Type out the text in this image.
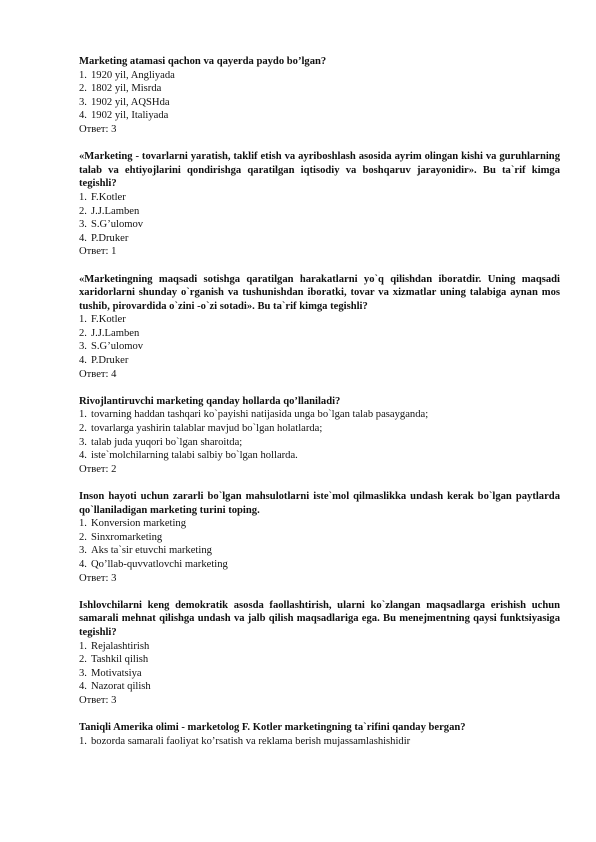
Marketing atamasi qachon va qayerda paydo bo’lgan?

1. 1920 yil, Angliyada
2. 1802 yil, Misrda
3. 1902 yil, AQSHda
4. 1902 yil, Italiyada

Ответ: 3

«Marketing - tovarlarni yaratish, taklif etish va ayriboshlash asosida ayrim olingan kishi va guruhlarning talab va ehtiyojlarini qondirishga qaratilgan iqtisodiy va boshqaruv jarayonidir». Bu ta`rif kimga tegishli?

1. F.Kotler
2. J.J.Lamben
3. S.G’ulomov
4. P.Druker

Ответ: 1

«Marketingning maqsadi sotishga qaratilgan harakatlarni yo`q qilishdan iboratdir. Uning maqsadi xaridorlarni shunday o`rganish va tushunishdan iboratki, tovar va xizmatlar uning talabiga aynan mos tushib, pirovardida o`zini -o`zi sotadi». Bu ta`rif kimga tegishli?

1. F.Kotler
2. J.J.Lamben
3. S.G’ulomov
4. P.Druker

Ответ: 4

Rivojlantiruvchi marketing qanday hollarda qo’llaniladi?

1. tovarning haddan tashqari ko`payishi natijasida unga bo`lgan talab pasayganda;
2. tovarlarga yashirin talablar mavjud bo`lgan holatlarda;
3. talab juda yuqori bo`lgan sharoitda;
4. iste`molchilarning talabi salbiy bo`lgan hollarda.

Ответ: 2

Inson hayoti uchun zararli bo`lgan mahsulotlarni iste`mol qilmaslikka undash kerak bo`lgan paytlarda qo`llaniladigan marketing turini toping.

1. Konversion marketing
2. Sinxromarketing
3. Aks ta`sir etuvchi marketing
4. Qo’llab-quvvatlovchi marketing

Ответ: 3

Ishlovchilarni keng demokratik asosda faollashtirish, ularni ko`zlangan maqsadlarga erishish uchun samarali mehnat qilishga undash va jalb qilish maqsadlariga ega. Bu menejmentning qaysi funktsiyasiga tegishli?

1. Rejalashtirish
2. Tashkil qilish
3. Motivatsiya
4. Nazorat qilish

Ответ: 3

Taniqli Amerika olimi - marketolog F. Kotler marketingning ta`rifini qanday bergan?

1. bozorda samarali faoliyat ko’rsatish va reklama berish mujassamlashishidir
